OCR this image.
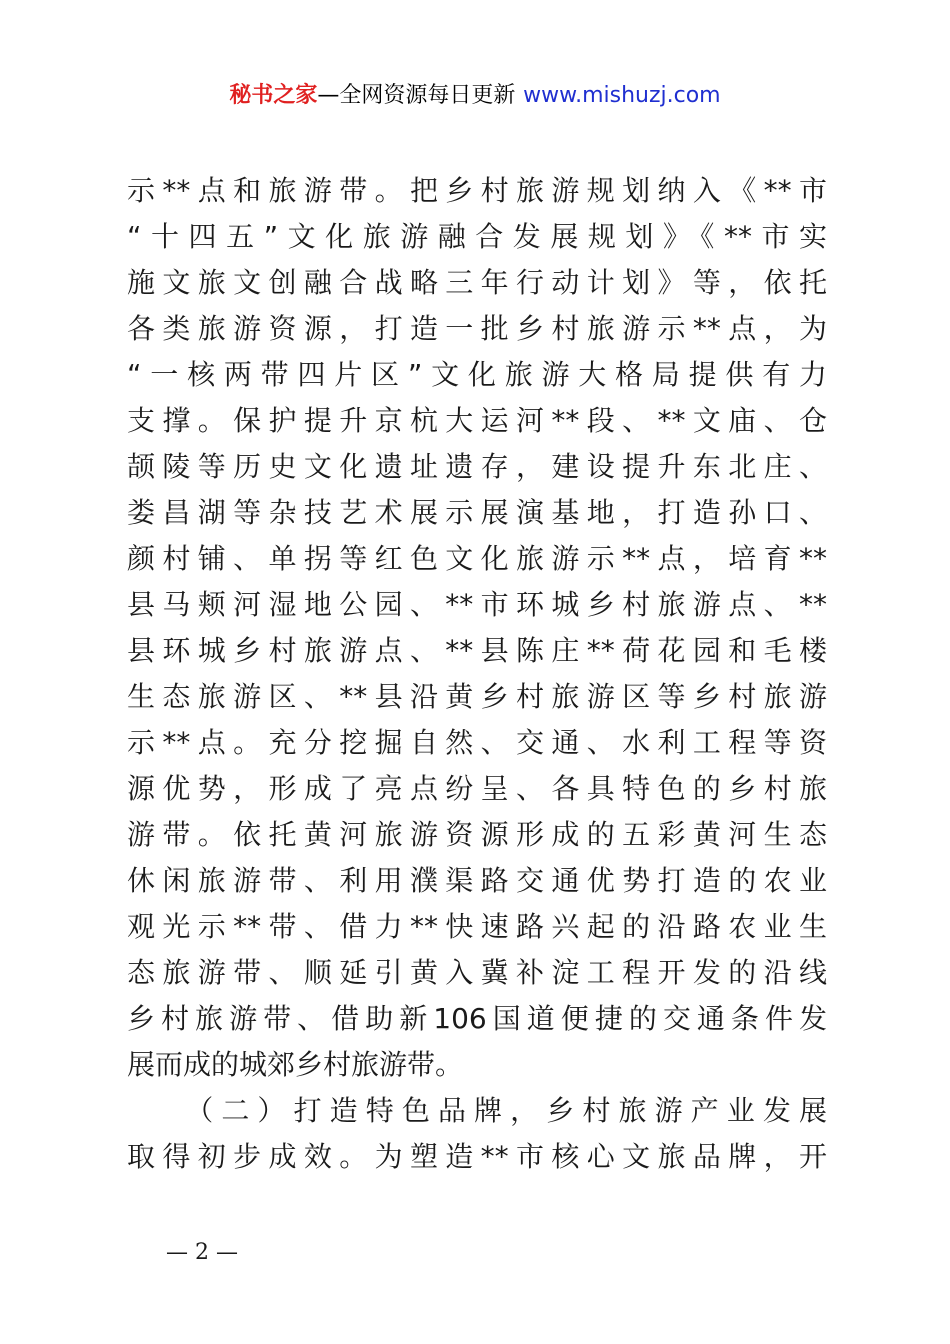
秘书之家—全网资源每日更新 www.mishuzj.com
示**点和旅游带。把乡村旅游规划纳入《**市
“十四五”文化旅游融合发展规划》《**市实
施文旅文创融合战略三年行动计划》等，依托
各类旅游资源，打造一批乡村旅游示**点，为
“一核两带四片区”文化旅游大格局提供有力
支撑。保护提升京杭大运河**段、**文庙、仓
颉陵等历史文化遗址遗存，建设提升东北庄、
娄昌湖等杂技艺术展示展演基地，打造孙口、
颜村铺、单拐等红色文化旅游示**点，培育**
县马颊河湿地公园、**市环城乡村旅游点、**
县环城乡村旅游点、**县陈庄**荷花园和毛楼
生态旅游区、**县沿黄乡村旅游区等乡村旅游
示**点。充分挖掘自然、交通、水利工程等资
源优势，形成了亮点纷呈、各具特色的乡村旅
游带。依托黄河旅游资源形成的五彩黄河生态
休闲旅游带、利用濮渠路交通优势打造的农业
观光示**带、借力**快速路兴起的沿路农业生
态旅游带、顺延引黄入冀补淀工程开发的沿线
乡村旅游带、借助新106国道便捷的交通条件发
展而成的城郊乡村旅游带。
　　（二）打造特色品牌，乡村旅游产业发展
取得初步成效。为塑造**市核心文旅品牌，开
— 2 —
